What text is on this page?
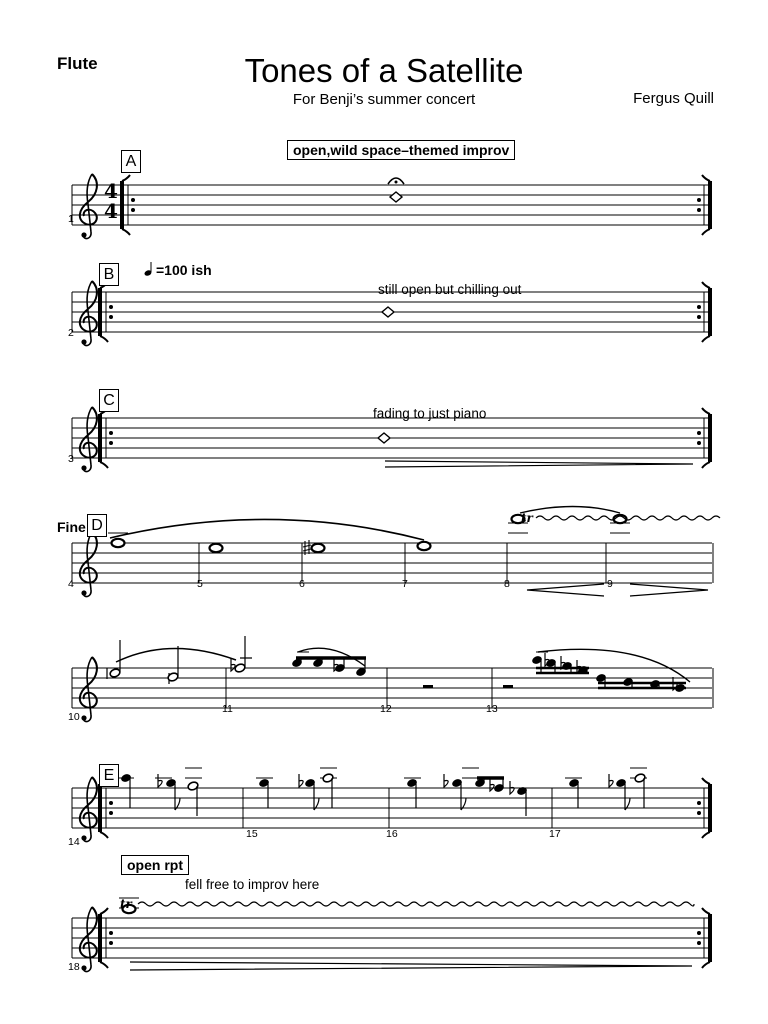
Flute	Tones of a Satellite
For Benji’s summer concert	Fergus Quill
4
4
tr
tr
A
B
C
D
E
open,wild space–themed improv
open rpt
=100 ish
still open but chilling out
fading to just piano
fell free to improv here
Fine
1
2
3
4	5	6	7	8	9
10
11	12	13
14
15	16	17
18
